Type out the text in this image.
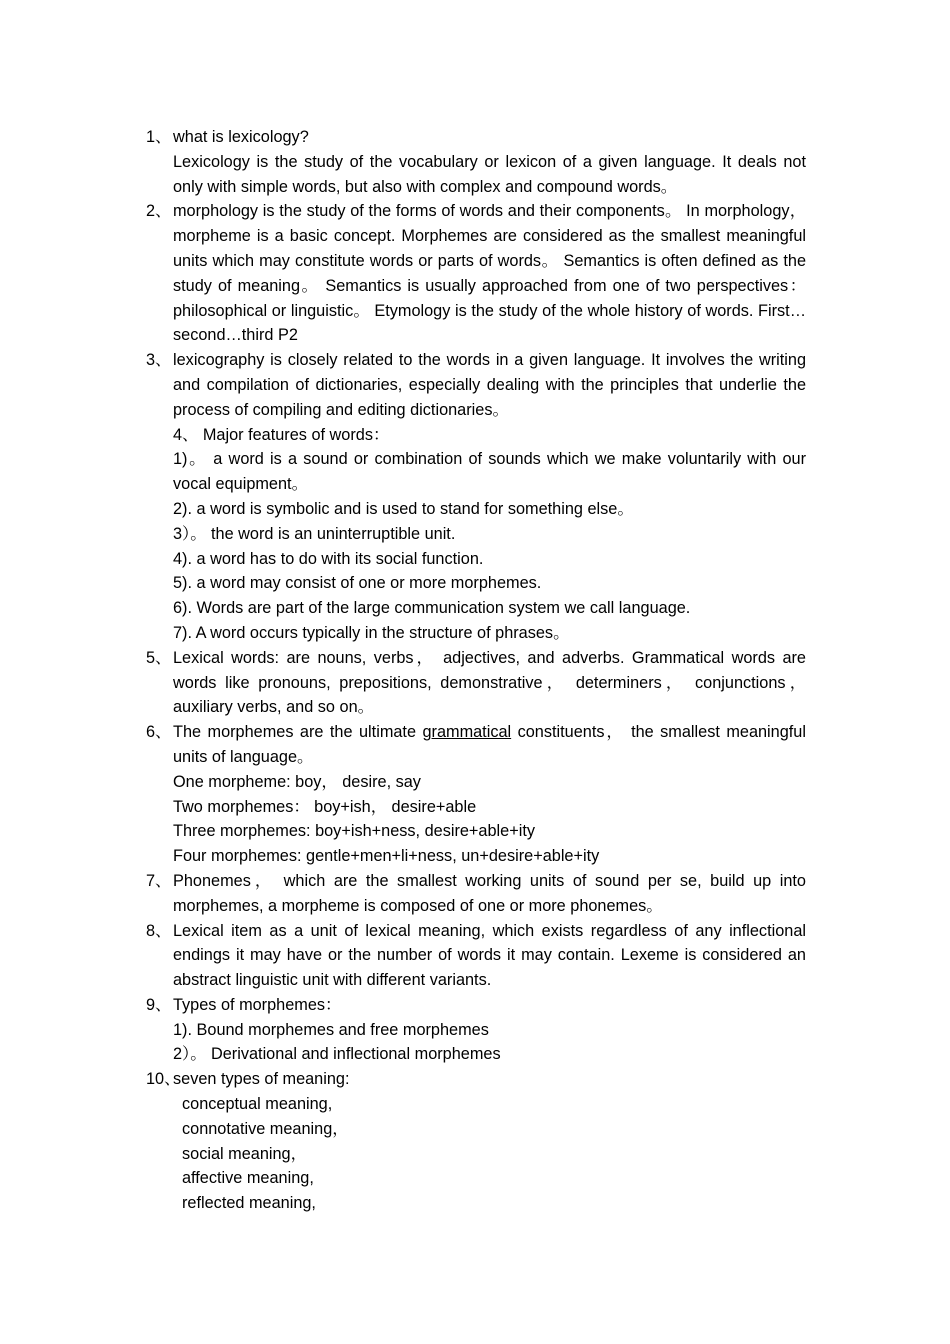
1、 what is lexicology?
Lexicology is the study of the vocabulary or lexicon of a given language. It deals not only with simple words, but also with complex and compound words。
2、 morphology is the study of the forms of words and their components。 In morphology， morpheme is a basic concept. Morphemes are considered as the smallest meaningful units which may constitute words or parts of words。 Semantics is often defined as the study of meaning。 Semantics is usually approached from one of two perspectives： philosophical or linguistic。 Etymology is the study of the whole history of words. First…second…third P2
3、 lexicography is closely related to the words in a given language. It involves the writing and compilation of dictionaries, especially dealing with the principles that underlie the process of compiling and editing dictionaries。
4、 Major features of words：
1)。 a word is a sound or combination of sounds which we make voluntarily with our vocal equipment。
2). a word is symbolic and is used to stand for something else。
3）。 the word is an uninterruptible unit.
4). a word has to do with its social function.
5). a word may consist of one or more morphemes.
6). Words are part of the large communication system we call language.
7). A word occurs typically in the structure of phrases。
5、 Lexical words: are nouns, verbs， adjectives, and adverbs. Grammatical words are words like pronouns, prepositions, demonstrative， determiners， conjunctions， auxiliary verbs, and so on。
6、 The morphemes are the ultimate grammatical constituents， the smallest meaningful units of language。
One morpheme: boy， desire, say
Two morphemes： boy+ish， desire+able
Three morphemes: boy+ish+ness, desire+able+ity
Four morphemes: gentle+men+li+ness, un+desire+able+ity
7、 Phonemes， which are the smallest working units of sound per se, build up into morphemes, a morpheme is composed of one or more phonemes。
8、 Lexical item as a unit of lexical meaning, which exists regardless of any inflectional endings it may have or the number of words it may contain. Lexeme is considered an abstract linguistic unit with different variants.
9、 Types of morphemes：
1). Bound morphemes and free morphemes
2）。 Derivational and inflectional morphemes
10、
seven types of meaning:
conceptual meaning,
connotative meaning，
social meaning，
affective meaning,
reflected meaning,
